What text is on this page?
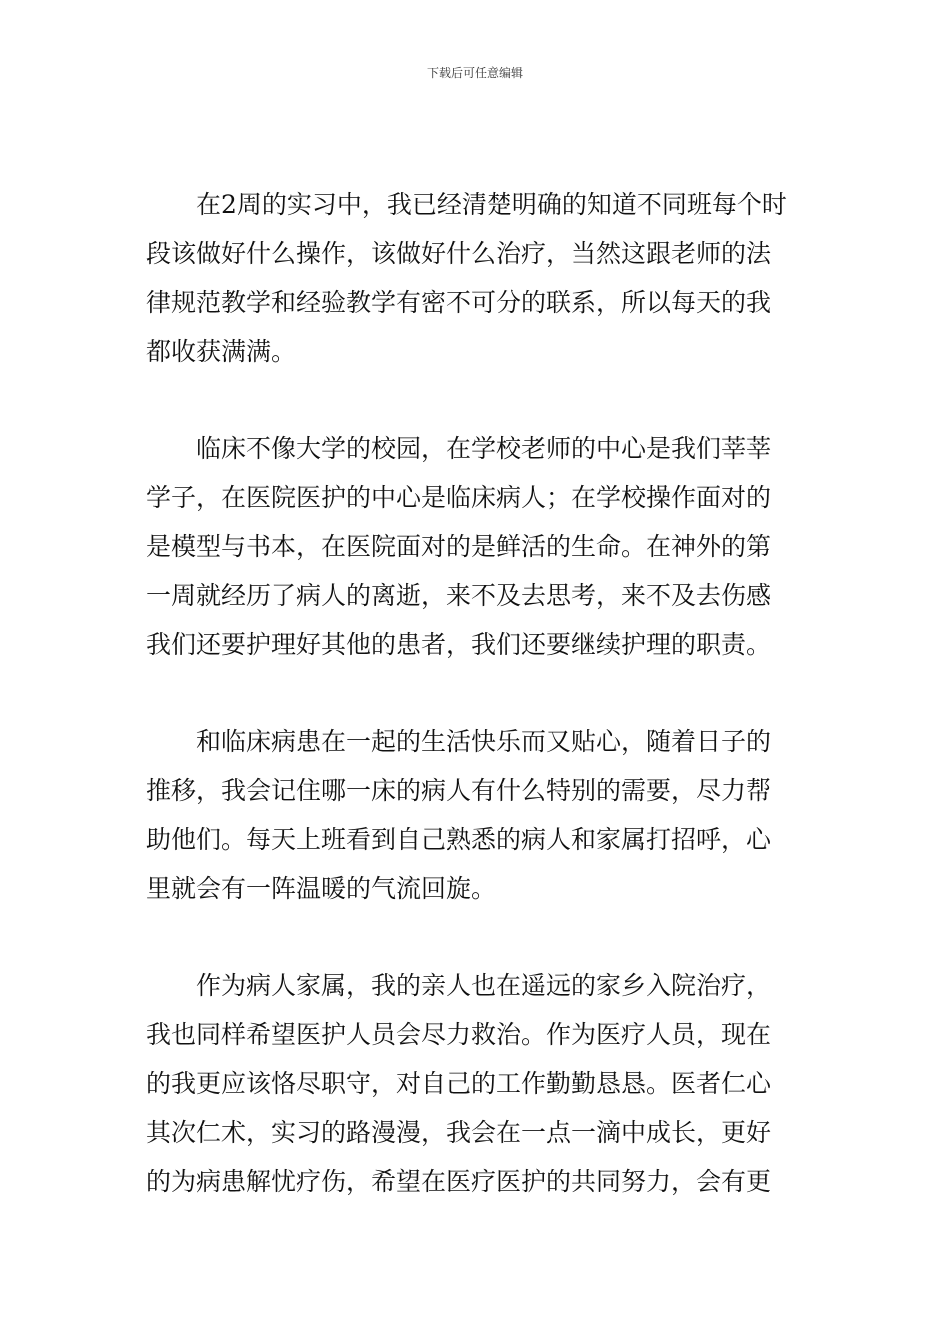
下载后可任意编辑

在2周的实习中，我已经清楚明确的知道不同班每个时
段该做好什么操作，该做好什么治疗，当然这跟老师的法
律规范教学和经验教学有密不可分的联系，所以每天的我
都收获满满。

临床不像大学的校园，在学校老师的中心是我们莘莘
学子，在医院医护的中心是临床病人；在学校操作面对的
是模型与书本，在医院面对的是鲜活的生命。在神外的第
一周就经历了病人的离逝，来不及去思考，来不及去伤感
我们还要护理好其他的患者，我们还要继续护理的职责。

和临床病患在一起的生活快乐而又贴心，随着日子的
推移，我会记住哪一床的病人有什么特别的需要，尽力帮
助他们。每天上班看到自己熟悉的病人和家属打招呼，心
里就会有一阵温暖的气流回旋。

作为病人家属，我的亲人也在遥远的家乡入院治疗，
我也同样希望医护人员会尽力救治。作为医疗人员，现在
的我更应该恪尽职守，对自己的工作勤勤恳恳。医者仁心
其次仁术，实习的路漫漫，我会在一点一滴中成长，更好
的为病患解忧疗伤，希望在医疗医护的共同努力，会有更
